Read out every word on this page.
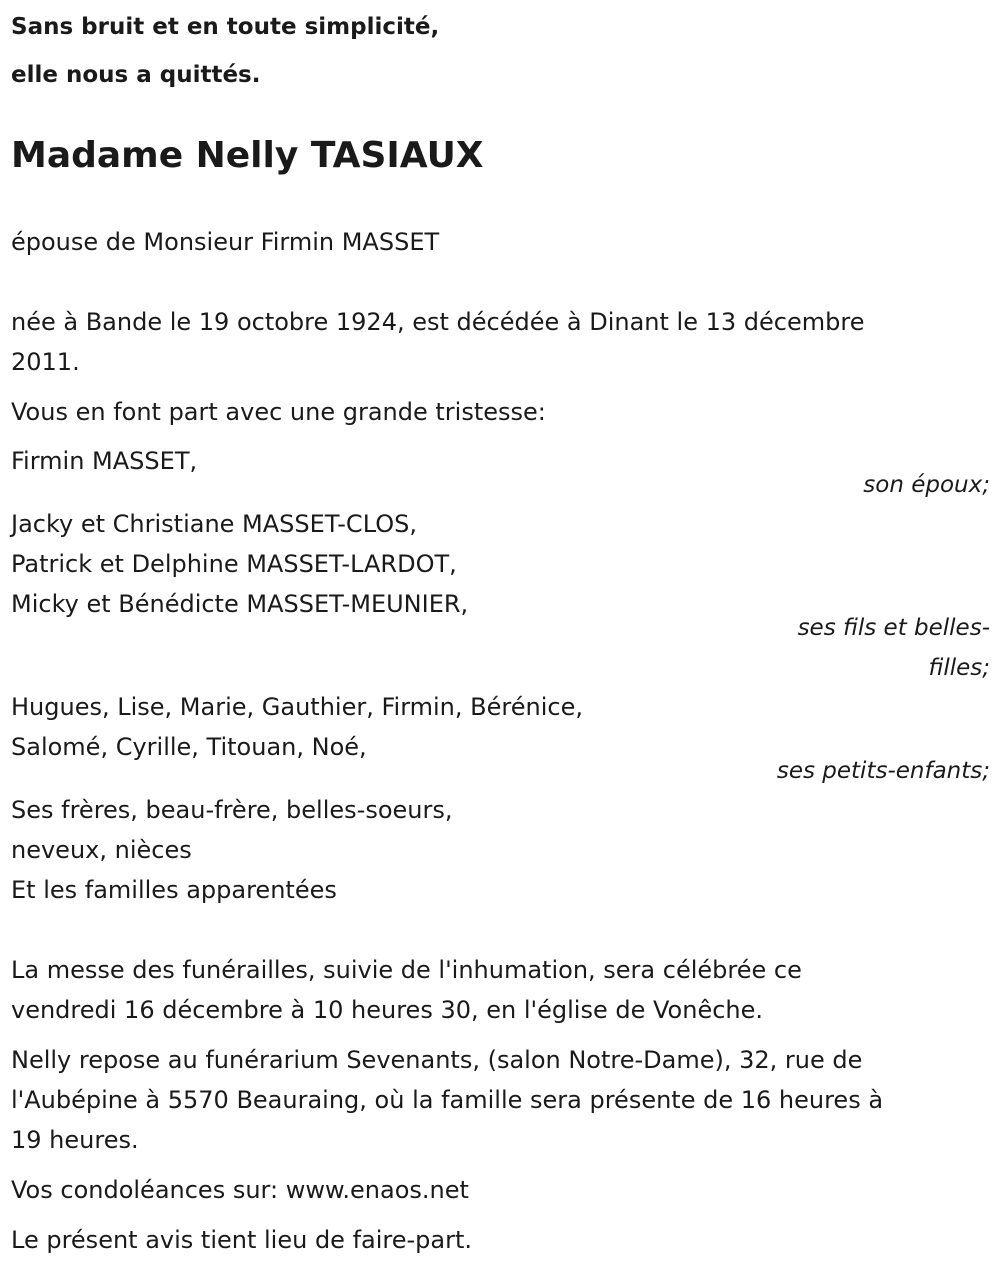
Sans bruit et en toute simplicité,
elle nous a quittés.
Madame Nelly TASIAUX
épouse de Monsieur Firmin MASSET
née à Bande le 19 octobre 1924, est décédée à Dinant le 13 décembre
2011.
Vous en font part avec une grande tristesse:
Firmin MASSET,
son époux;
Jacky et Christiane MASSET-CLOS,
Patrick et Delphine MASSET-LARDOT,
Micky et Bénédicte MASSET-MEUNIER,
ses fils et belles-
filles;
Hugues, Lise, Marie, Gauthier, Firmin, Bérénice,
Salomé, Cyrille, Titouan, Noé,
ses petits-enfants;
Ses frères, beau-frère, belles-soeurs,
neveux, nièces
Et les familles apparentées
La messe des funérailles, suivie de l'inhumation, sera célébrée ce
vendredi 16 décembre à 10 heures 30, en l'église de Vonêche.
Nelly repose au funérarium Sevenants, (salon Notre-Dame), 32, rue de
l'Aubépine à 5570 Beauraing, où la famille sera présente de 16 heures à
19 heures.
Vos condoléances sur: www.enaos.net
Le présent avis tient lieu de faire-part.
